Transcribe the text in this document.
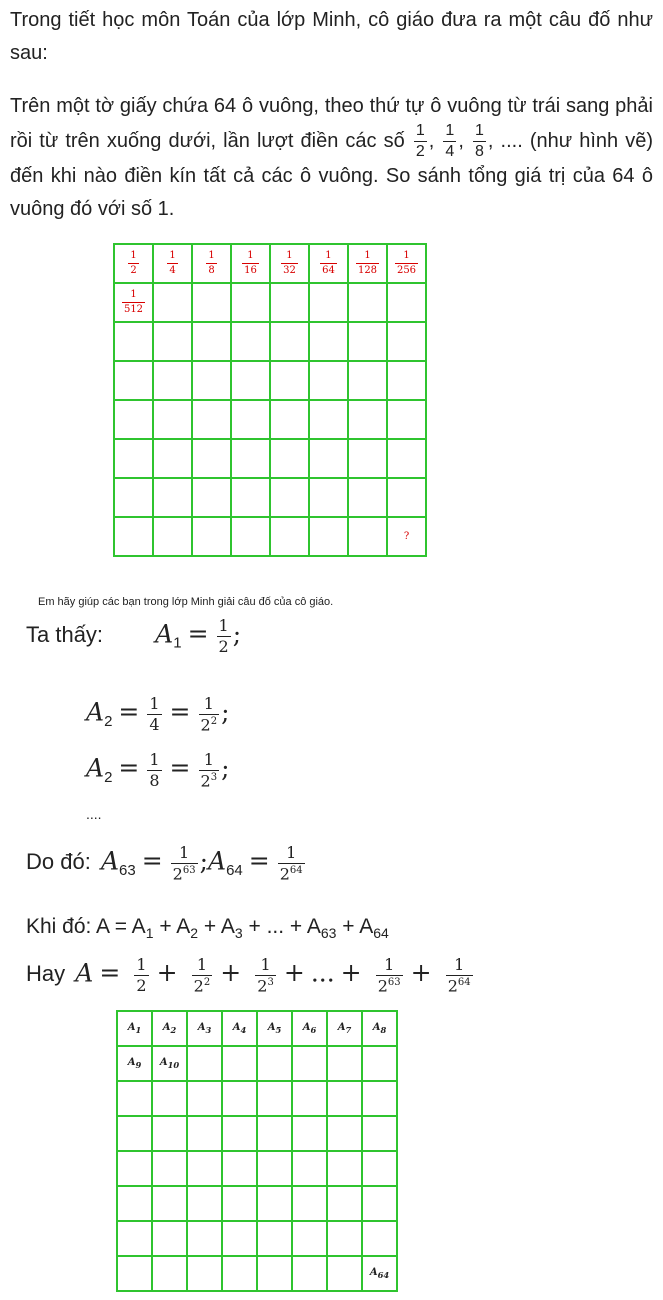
Trong tiết học môn Toán của lớp Minh, cô giáo đưa ra một câu đố như sau:

Trên một tờ giấy chứa 64 ô vuông, theo thứ tự ô vuông từ trái sang phải rồi từ trên xuống dưới, lần lượt điền các số $\frac{1}{2}$ , $\frac{1}{4}$ , $\frac{1}{8}$ , .... (như hình vẽ) đến khi nào điền kín tất cả các ô vuông. So sánh tổng giá trị của 64 ô vuông đó với số 1.

$\frac{1}{2}$	$\frac{1}{4}$	$\frac{1}{8}$	$\frac{1}{16}$	$\frac{1}{32}$	$\frac{1}{64}$	$\frac{1}{128}$	$\frac{1}{256}$

$\frac{1}{512}$

							?
Em hãy giúp các bạn trong lớp Minh giải câu đố của cô giáo.
Ta thấy: $A_1 = \frac{1}{2}$ ;
$A_2 = \frac{1}{4} = \frac{1}{2^2}$ ;
$A_2 = \frac{1}{8} = \frac{1}{2^3}$ ;
....
Do đó: $A_{63} = \frac{1}{2^{63}}$ $;A_{64} = \frac{1}{2^{64}}$
Khi đó: $A = A_1 + A_2 + A_3$ + ... + $A_{63} + A_{64}$
Hay $A = \frac{1}{2} + \frac{1}{2^2} + \frac{1}{2^3}$ + ... + $\frac{1}{2^{63}} + \frac{1}{2^{64}}$
$A_1$	$A_2$	$A_3$	$A_4$	$A_5$	$A_6$	$A_7$	$A_8$
$A_9$	$A_{10}$						

							$A_{64}$
